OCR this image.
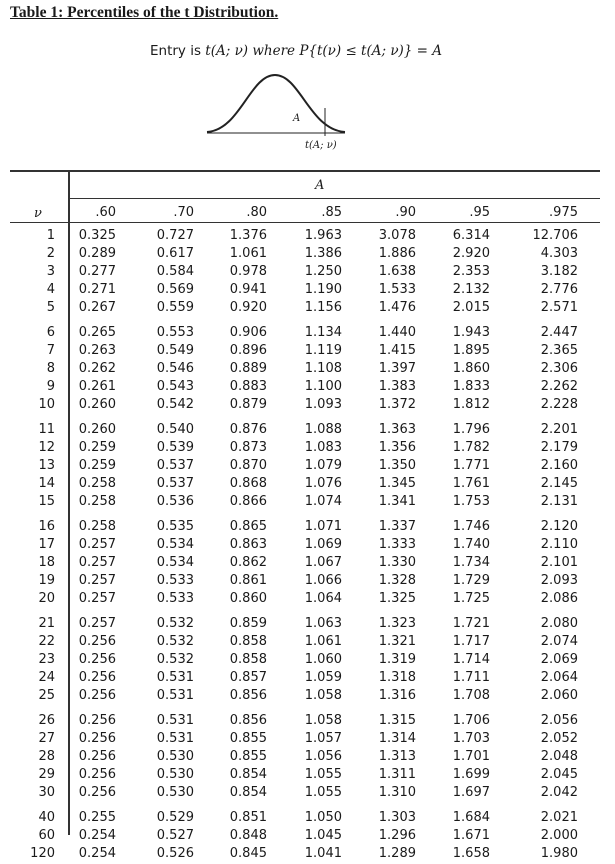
Table 1: Percentiles of the t Distribution.
Entry is t(A; ν) where P{t(ν) ≤ t(A; ν)} = A
A
t(A; ν)
A
ν	.60	.70	.80	.85	.90	.95	.975
1	0.325	0.727	1.376	1.963	3.078	6.314	12.706
2	0.289	0.617	1.061	1.386	1.886	2.920	4.303
3	0.277	0.584	0.978	1.250	1.638	2.353	3.182
4	0.271	0.569	0.941	1.190	1.533	2.132	2.776
5	0.267	0.559	0.920	1.156	1.476	2.015	2.571
6	0.265	0.553	0.906	1.134	1.440	1.943	2.447
7	0.263	0.549	0.896	1.119	1.415	1.895	2.365
8	0.262	0.546	0.889	1.108	1.397	1.860	2.306
9	0.261	0.543	0.883	1.100	1.383	1.833	2.262
10	0.260	0.542	0.879	1.093	1.372	1.812	2.228
11	0.260	0.540	0.876	1.088	1.363	1.796	2.201
12	0.259	0.539	0.873	1.083	1.356	1.782	2.179
13	0.259	0.537	0.870	1.079	1.350	1.771	2.160
14	0.258	0.537	0.868	1.076	1.345	1.761	2.145
15	0.258	0.536	0.866	1.074	1.341	1.753	2.131
16	0.258	0.535	0.865	1.071	1.337	1.746	2.120
17	0.257	0.534	0.863	1.069	1.333	1.740	2.110
18	0.257	0.534	0.862	1.067	1.330	1.734	2.101
19	0.257	0.533	0.861	1.066	1.328	1.729	2.093
20	0.257	0.533	0.860	1.064	1.325	1.725	2.086
21	0.257	0.532	0.859	1.063	1.323	1.721	2.080
22	0.256	0.532	0.858	1.061	1.321	1.717	2.074
23	0.256	0.532	0.858	1.060	1.319	1.714	2.069
24	0.256	0.531	0.857	1.059	1.318	1.711	2.064
25	0.256	0.531	0.856	1.058	1.316	1.708	2.060
26	0.256	0.531	0.856	1.058	1.315	1.706	2.056
27	0.256	0.531	0.855	1.057	1.314	1.703	2.052
28	0.256	0.530	0.855	1.056	1.313	1.701	2.048
29	0.256	0.530	0.854	1.055	1.311	1.699	2.045
30	0.256	0.530	0.854	1.055	1.310	1.697	2.042
40	0.255	0.529	0.851	1.050	1.303	1.684	2.021
60	0.254	0.527	0.848	1.045	1.296	1.671	2.000
120	0.254	0.526	0.845	1.041	1.289	1.658	1.980
